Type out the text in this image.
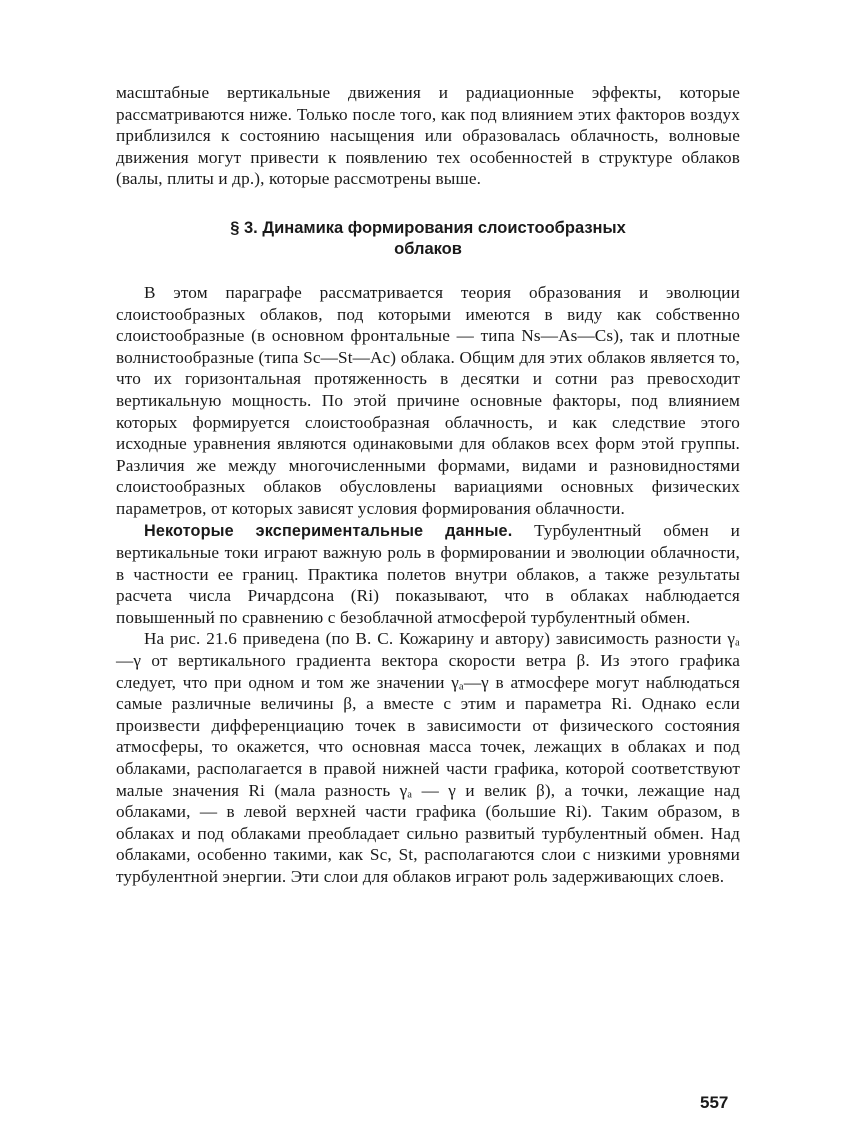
масштабные вертикальные движения и радиационные эффекты, которые рассматриваются ниже. Только после того, как под влиянием этих факторов воздух приблизился к состоянию насыщения или образовалась облачность, волновые движения могут привести к появлению тех особенностей в структуре облаков (валы, плиты и др.), которые рассмотрены выше.

§ 3. Динамика формирования слоистообразных
облаков

В этом параграфе рассматривается теория образования и эволюции слоистообразных облаков, под которыми имеются в виду как собственно слоистообразные (в основном фронтальные — типа Ns—As—Cs), так и плотные волнистообразные (типа Sc—St—Ac) облака. Общим для этих облаков является то, что их горизонтальная протяженность в десятки и сотни раз превосходит вертикальную мощность. По этой причине основные факторы, под влиянием которых формируется слоистообразная облачность, и как следствие этого исходные уравнения являются одинаковыми для облаков всех форм этой группы. Различия же между многочисленными формами, видами и разновидностями слоистообразных облаков обусловлены вариациями основных физических параметров, от которых зависят условия формирования облачности.

Некоторые экспериментальные данные. Турбулентный обмен и вертикальные токи играют важную роль в формировании и эволюции облачности, в частности ее границ. Практика полетов внутри облаков, а также результаты расчета числа Ричардсона (Ri) показывают, что в облаках наблюдается повышенный по сравнению с безоблачной атмосферой турбулентный обмен.

На рис. 21.6 приведена (по В. С. Кожарину и автору) зависимость разности γₐ—γ от вертикального градиента вектора скорости ветра β. Из этого графика следует, что при одном и том же значении γₐ—γ в атмосфере могут наблюдаться самые различные величины β, а вместе с этим и параметра Ri. Однако если произвести дифференциацию точек в зависимости от физического состояния атмосферы, то окажется, что основная масса точек, лежащих в облаках и под облаками, располагается в правой нижней части графика, которой соответствуют малые значения Ri (мала разность γₐ — γ и велик β), а точки, лежащие над облаками, — в левой верхней части графика (большие Ri). Таким образом, в облаках и под облаками преобладает сильно развитый турбулентный обмен. Над облаками, особенно такими, как Sc, St, располагаются слои с низкими уровнями турбулентной энергии. Эти слои для облаков играют роль задерживающих слоев.

557
